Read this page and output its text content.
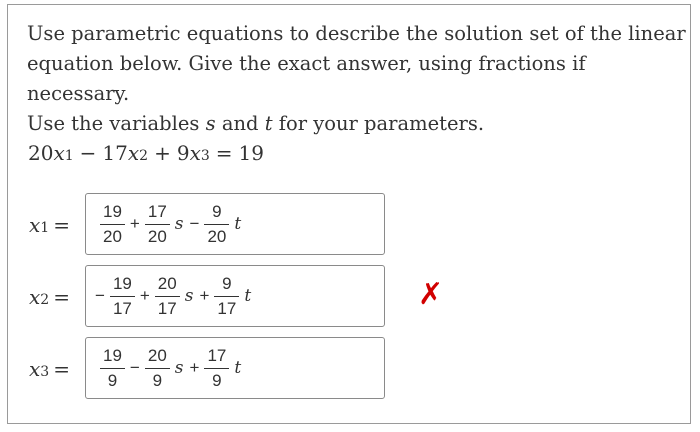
Use parametric equations to describe the solution set of the linear
equation below. Give the exact answer, using fractions if necessary.
Use the variables s and t for your parameters.
20 x 1 − 17 x 2 + 9 x 3 = 19
x $1 = \frac{19}{20} + \frac{17}{20}$ $s - \frac{9}{20}$ t
x 2 = − $\frac{19}{17} + \frac{20}{17}$ $s + \frac{9}{17}$ t	✗
x $3 = \frac{19}{9} - \frac{20}{9}$ $s + \frac{17}{9}$ t
